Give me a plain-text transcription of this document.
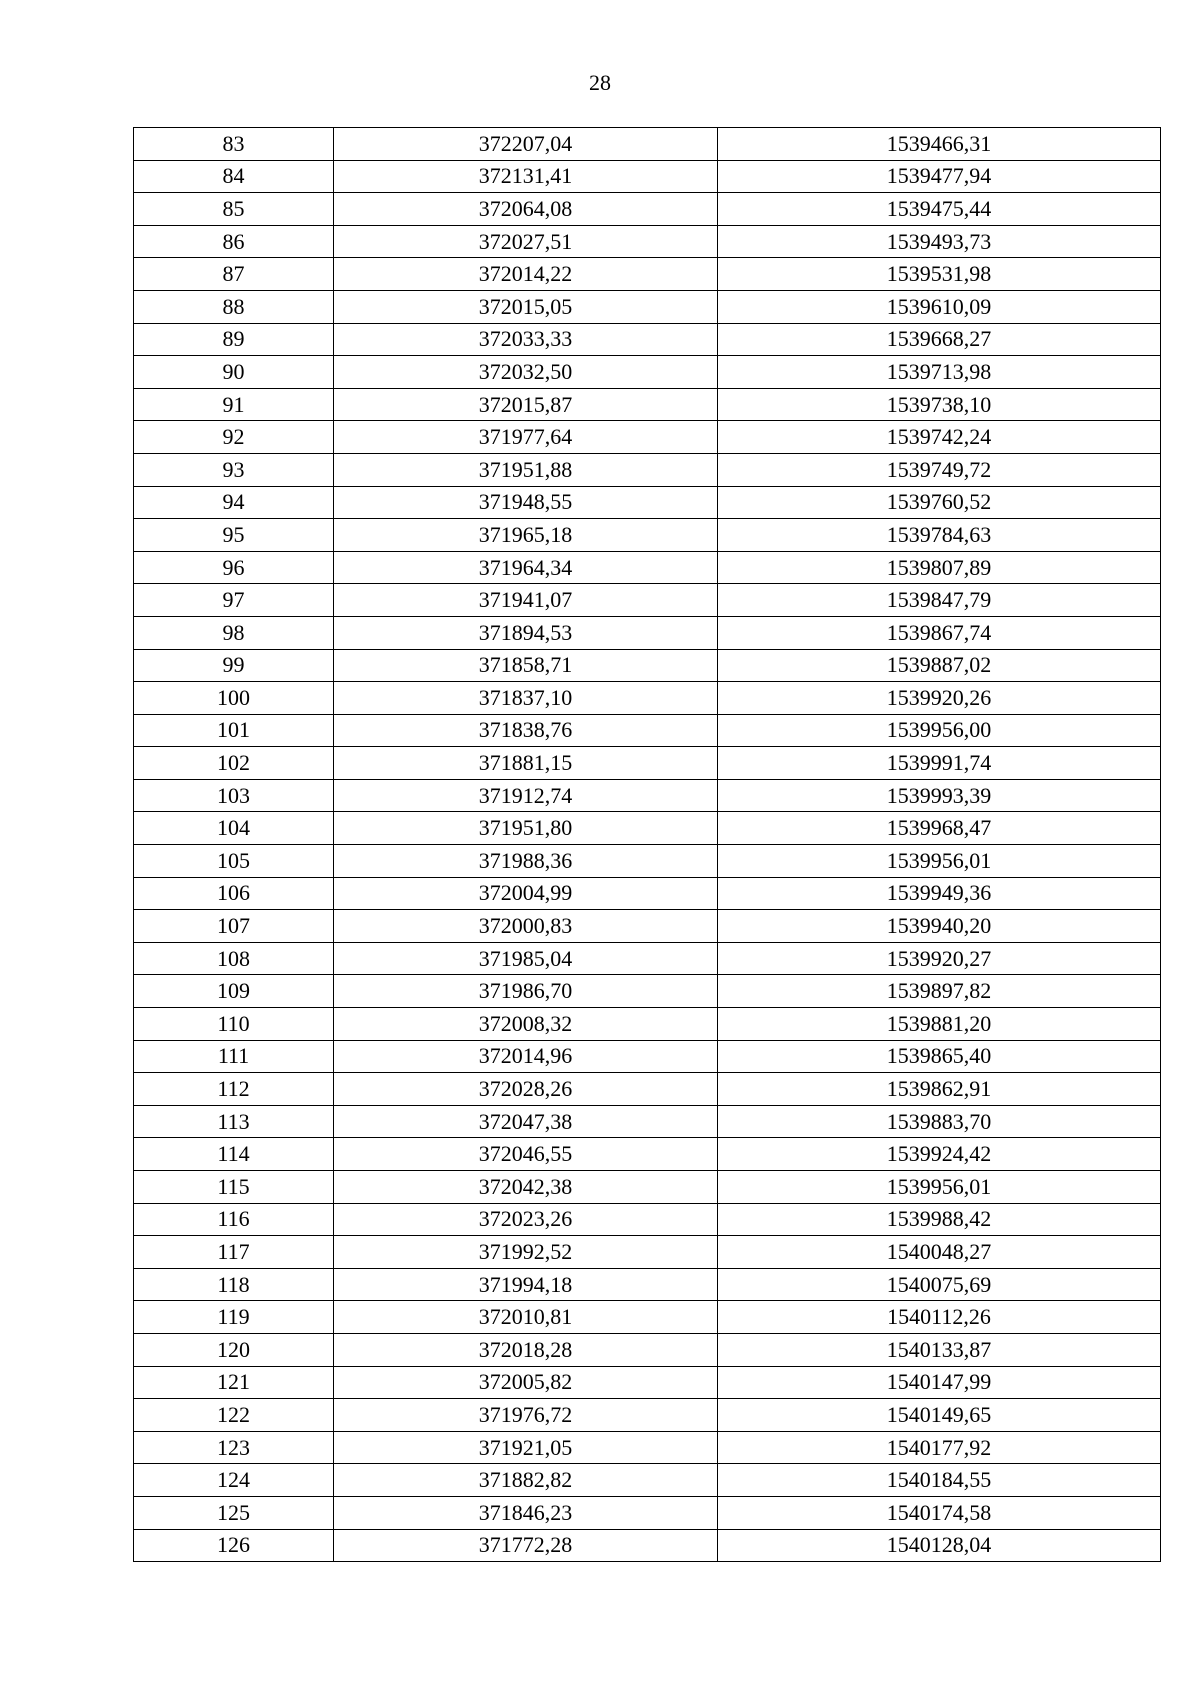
28
83	372207,04	1539466,31
84	372131,41	1539477,94
85	372064,08	1539475,44
86	372027,51	1539493,73
87	372014,22	1539531,98
88	372015,05	1539610,09
89	372033,33	1539668,27
90	372032,50	1539713,98
91	372015,87	1539738,10
92	371977,64	1539742,24
93	371951,88	1539749,72
94	371948,55	1539760,52
95	371965,18	1539784,63
96	371964,34	1539807,89
97	371941,07	1539847,79
98	371894,53	1539867,74
99	371858,71	1539887,02
100	371837,10	1539920,26
101	371838,76	1539956,00
102	371881,15	1539991,74
103	371912,74	1539993,39
104	371951,80	1539968,47
105	371988,36	1539956,01
106	372004,99	1539949,36
107	372000,83	1539940,20
108	371985,04	1539920,27
109	371986,70	1539897,82
110	372008,32	1539881,20
111	372014,96	1539865,40
112	372028,26	1539862,91
113	372047,38	1539883,70
114	372046,55	1539924,42
115	372042,38	1539956,01
116	372023,26	1539988,42
117	371992,52	1540048,27
118	371994,18	1540075,69
119	372010,81	1540112,26
120	372018,28	1540133,87
121	372005,82	1540147,99
122	371976,72	1540149,65
123	371921,05	1540177,92
124	371882,82	1540184,55
125	371846,23	1540174,58
126	371772,28	1540128,04
